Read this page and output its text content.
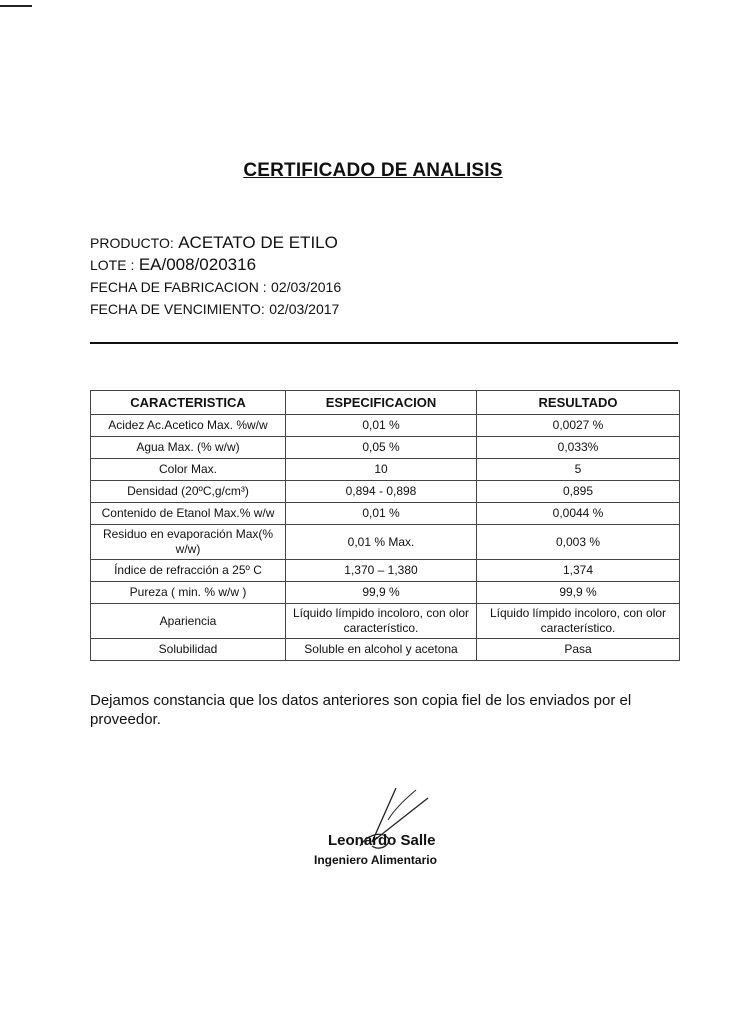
CERTIFICADO DE ANALISIS
PRODUCTO: ACETATO DE ETILO
LOTE : EA/008/020316
FECHA DE FABRICACION : 02/03/2016
FECHA DE VENCIMIENTO: 02/03/2017
CARACTERISTICA	ESPECIFICACION	RESULTADO
Acidez Ac.Acetico Max. %w/w	0,01 %	0,0027 %
Agua Max. (% w/w)	0,05 %	0,033%
Color Max.	10	5
Densidad (20ºC,g/cm³)	0,894 - 0,898	0,895
Contenido de Etanol Max.% w/w	0,01 %	0,0044 %
Residuo en evaporación Max(% w/w)	0,01 % Max.	0,003 %
Índice de refracción a 25º C	1,370 – 1,380	1,374
Pureza ( min. % w/w )	99,9 %	99,9 %
Apariencia	Líquido límpido incoloro, con olor característico.	Líquido límpido incoloro, con olor característico.
Solubilidad	Soluble en alcohol y acetona	Pasa
Dejamos constancia que los datos anteriores son copia fiel de los enviados por el proveedor.
Leonardo Salle
Ingeniero Alimentario
